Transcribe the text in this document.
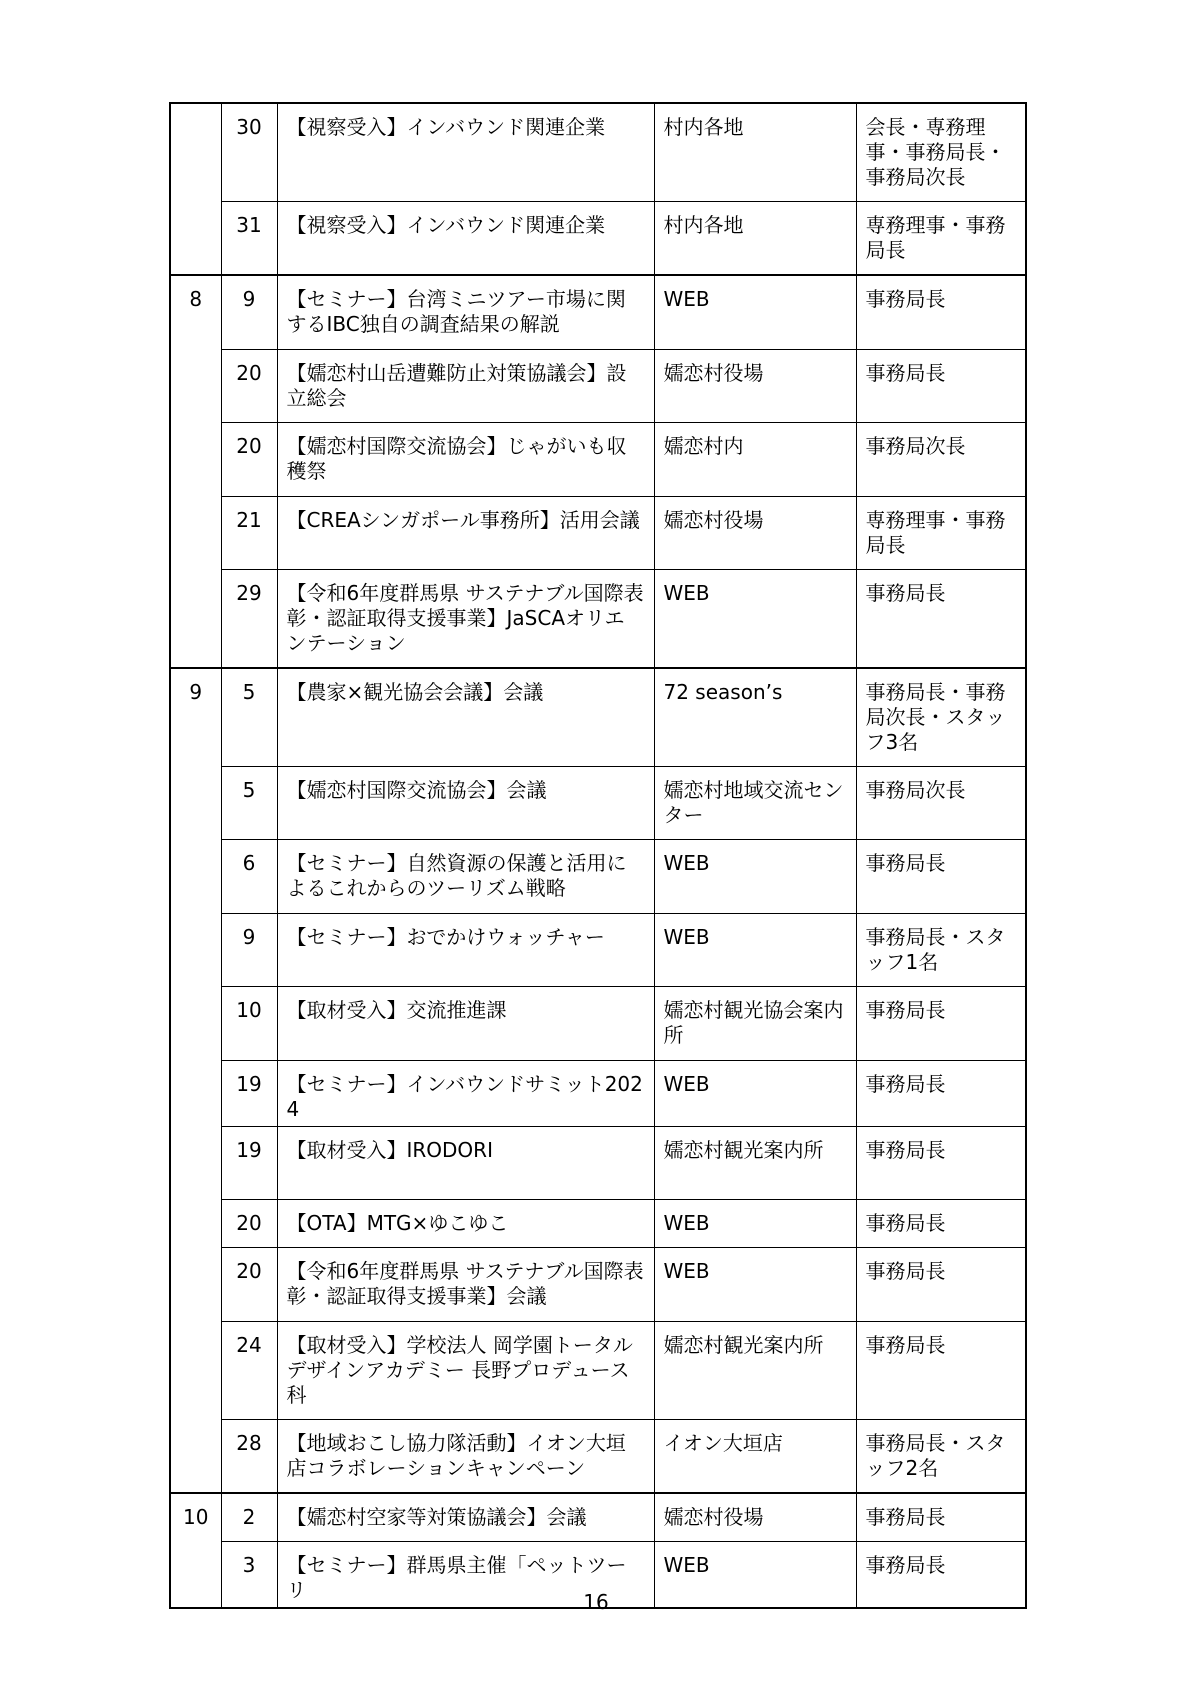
	30	【視察受入】インバウンド関連企業	村内各地	会長・専務理事・事務局長・事務局次長
	31	【視察受入】インバウンド関連企業	村内各地	専務理事・事務局長
8	9	【セミナー】台湾ミニツアー市場に関するIBC独自の調査結果の解説	WEB	事務局長
	20	【嬬恋村山岳遭難防止対策協議会】設立総会	嬬恋村役場	事務局長
	20	【嬬恋村国際交流協会】じゃがいも収穫祭	嬬恋村内	事務局次長
	21	【CREAシンガポール事務所】活用会議	嬬恋村役場	専務理事・事務局長
	29	【令和6年度群馬県 サステナブル国際表彰・認証取得支援事業】JaSCAオリエンテーション	WEB	事務局長
9	5	【農家×観光協会会議】会議	72 season’s	事務局長・事務局次長・スタッフ3名
	5	【嬬恋村国際交流協会】会議	嬬恋村地域交流センター	事務局次長
	6	【セミナー】自然資源の保護と活用によるこれからのツーリズム戦略	WEB	事務局長
	9	【セミナー】おでかけウォッチャー	WEB	事務局長・スタッフ1名
	10	【取材受入】交流推進課	嬬恋村観光協会案内所	事務局長
	19	【セミナー】インバウンドサミット2024	WEB	事務局長
	19	【取材受入】IRODORI	嬬恋村観光案内所	事務局長
	20	【OTA】MTG×ゆこゆこ	WEB	事務局長
	20	【令和6年度群馬県 サステナブル国際表彰・認証取得支援事業】会議	WEB	事務局長
	24	【取材受入】学校法人 岡学園トータルデザインアカデミー 長野プロデュース科	嬬恋村観光案内所	事務局長
	28	【地域おこし協力隊活動】イオン大垣店コラボレーションキャンペーン	イオン大垣店	事務局長・スタッフ2名
10	2	【嬬恋村空家等対策協議会】会議	嬬恋村役場	事務局長
	3	【セミナー】群馬県主催「ペットツーリ	WEB	事務局長
16
